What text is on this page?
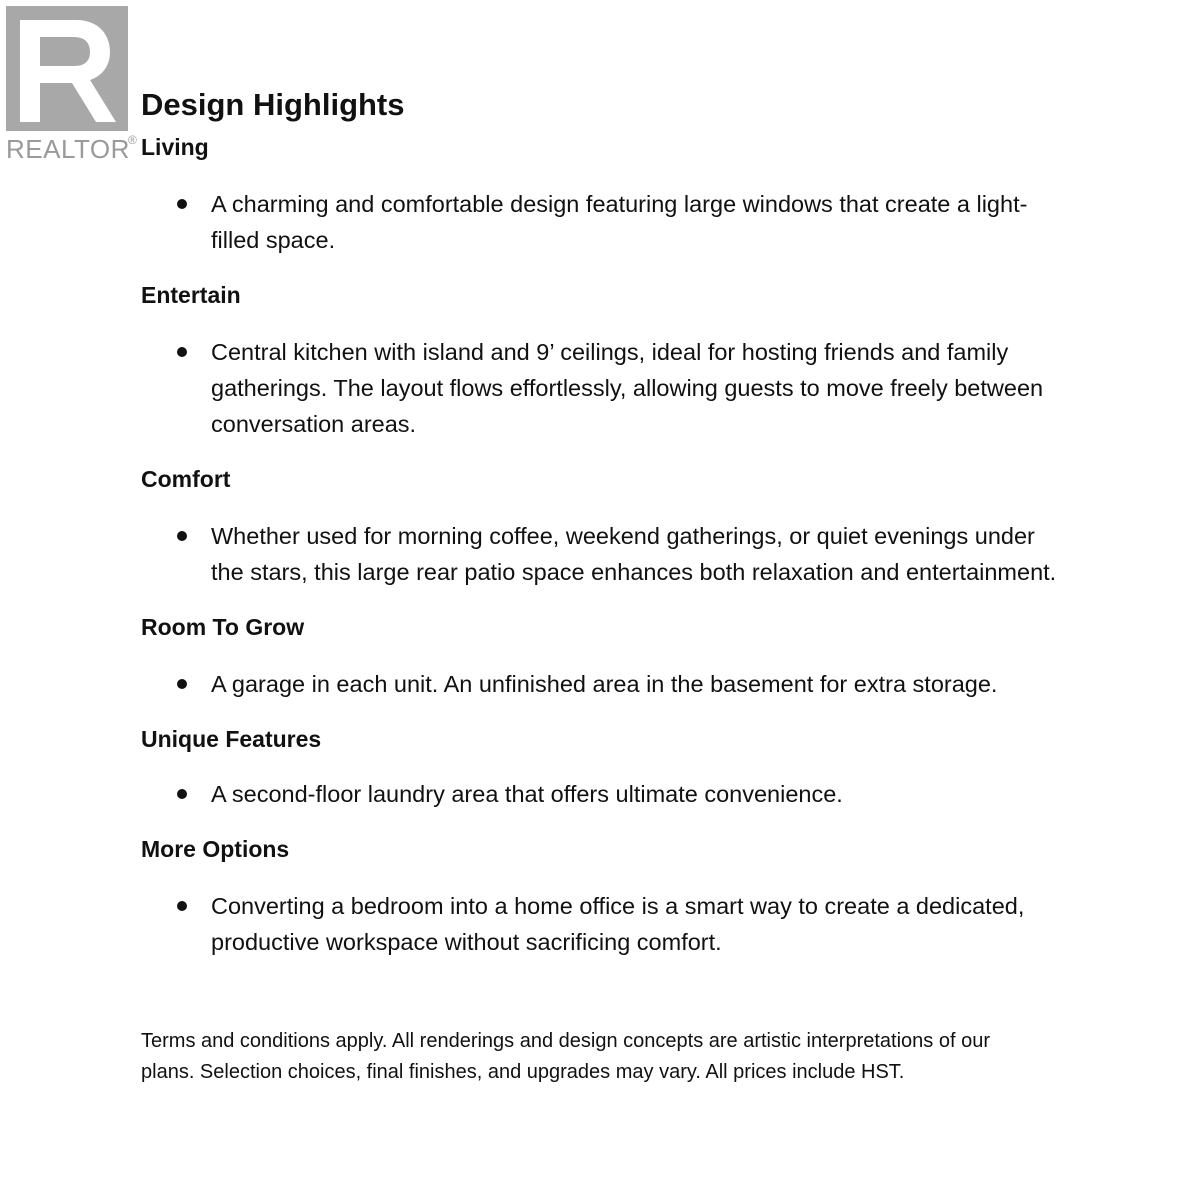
REALTOR
®
Design Highlights
Living
A charming and comfortable design featuring large windows that create a light-filled space.
Entertain
Central kitchen with island and 9’ ceilings, ideal for hosting friends and family gatherings. The layout flows effortlessly, allowing guests to move freely between conversation areas.
Comfort
Whether used for morning coffee, weekend gatherings, or quiet evenings under the stars, this large rear patio space enhances both relaxation and entertainment.
Room To Grow
A garage in each unit. An unfinished area in the basement for extra storage.
Unique Features
A second-floor laundry area that offers ultimate convenience.
More Options
Converting a bedroom into a home office is a smart way to create a dedicated, productive workspace without sacrificing comfort.

Terms and conditions apply. All renderings and design concepts are artistic interpretations of our plans. Selection choices, final finishes, and upgrades may vary. All prices include HST.
